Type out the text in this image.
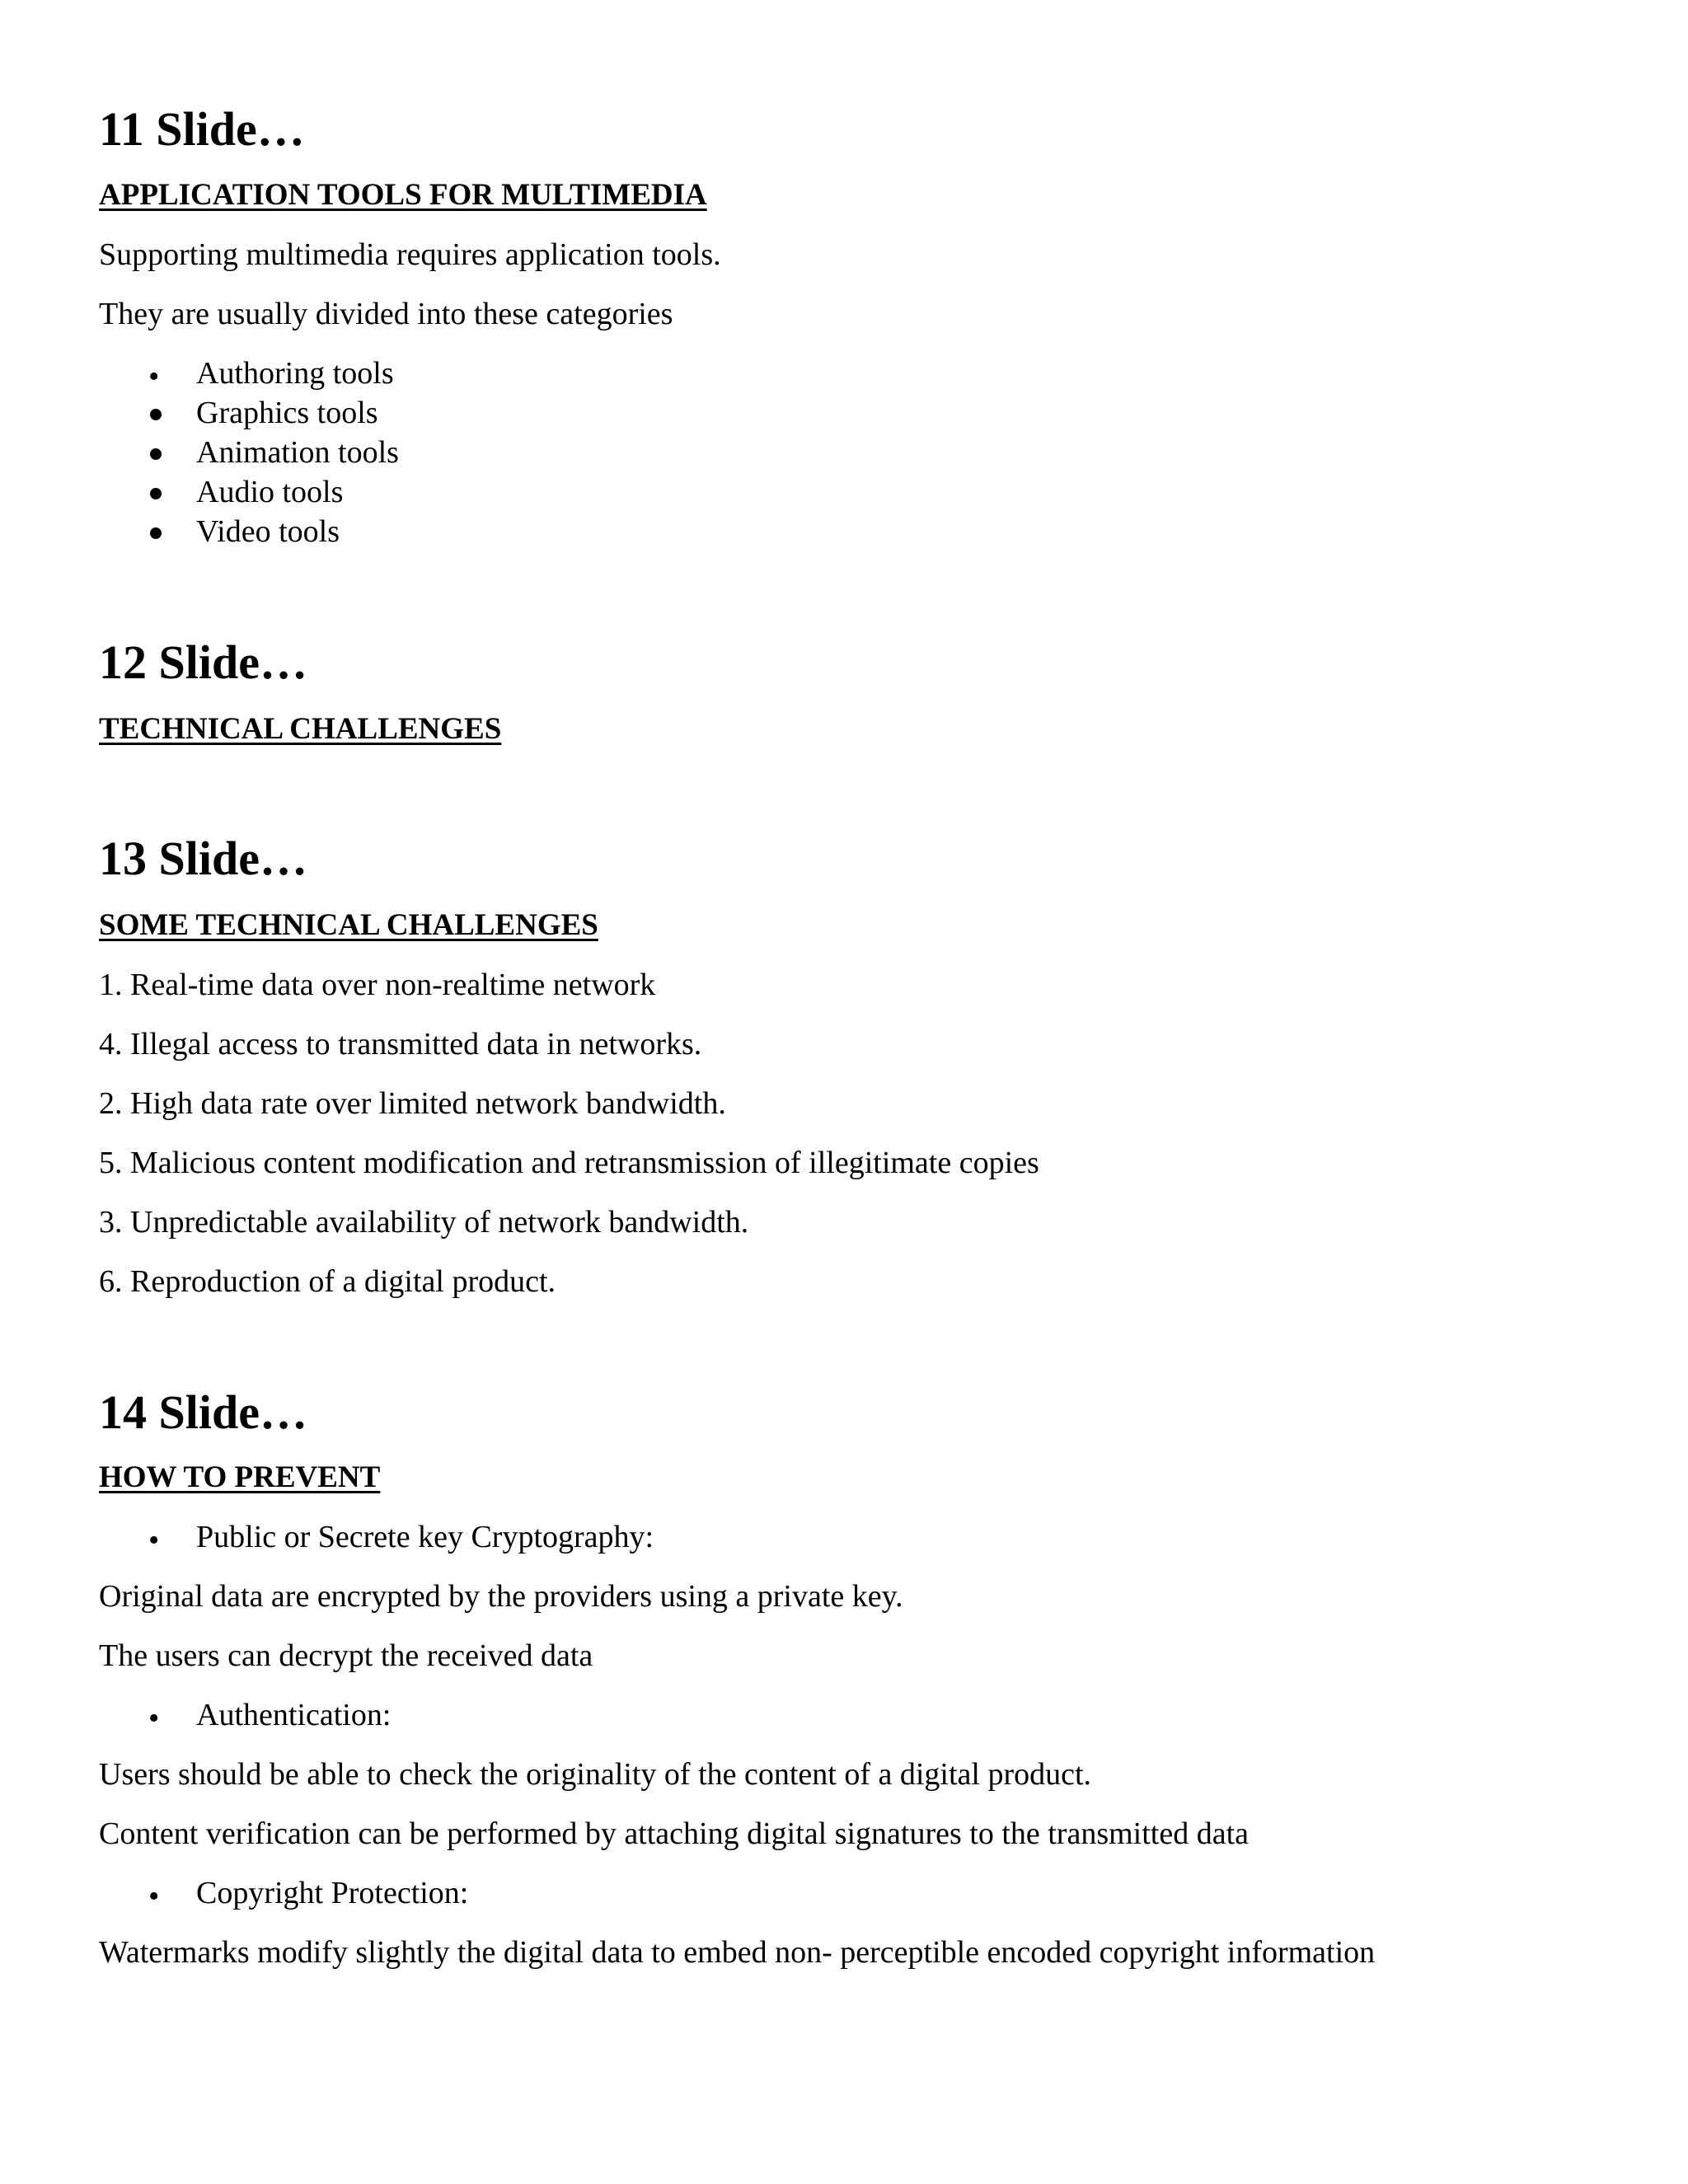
11 Slide…
APPLICATION TOOLS FOR MULTIMEDIA

Supporting multimedia requires application tools.

They are usually divided into these categories

• Authoring tools
Graphics tools
Animation tools
Audio tools
Video tools
12 Slide…
TECHNICAL CHALLENGES
13 Slide…
SOME TECHNICAL CHALLENGES

1. Real-time data over non-realtime network

4. Illegal access to transmitted data in networks.

2. High data rate over limited network bandwidth.

5. Malicious content modification and retransmission of illegitimate copies

3. Unpredictable availability of network bandwidth.

6. Reproduction of a digital product.

14 Slide…
HOW TO PREVENT
• Public or Secrete key Cryptography:

Original data are encrypted by the providers using a private key.

The users can decrypt the received data

• Authentication:

Users should be able to check the originality of the content of a digital product.

Content verification can be performed by attaching digital signatures to the transmitted data

• Copyright Protection:

Watermarks modify slightly the digital data to embed non- perceptible encoded copyright information
